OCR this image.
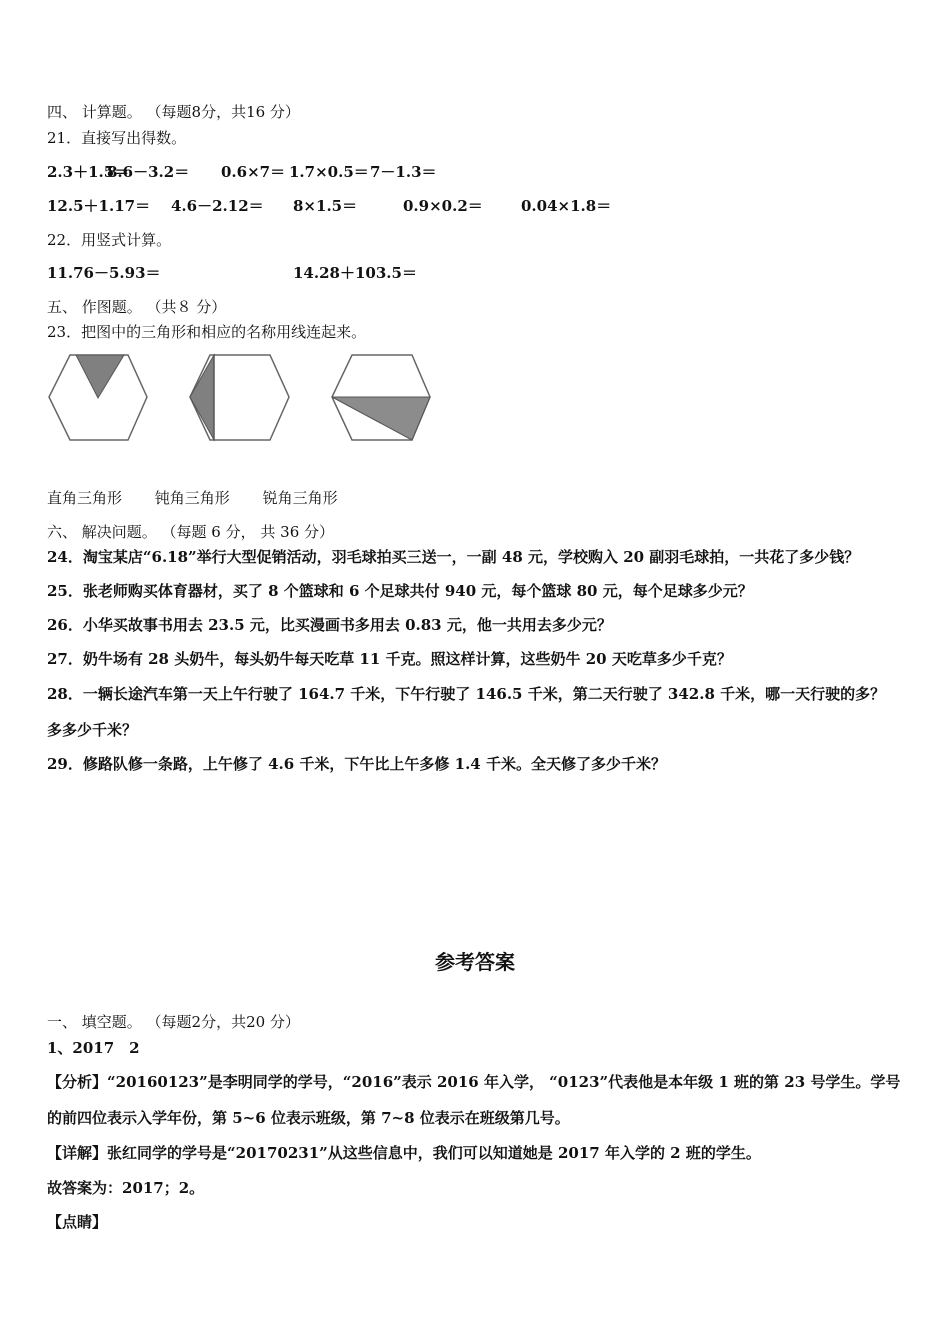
四、 计算题。 （每题8分，共16 分）
21．直接写出得数。
2.3＋1.5＝
8.6－3.2＝ 0.6×7＝ 1.7×0.5＝ 7－1.3＝
12.5＋1.17＝ 4.6－2.12＝ 8×1.5＝	0.9×0.2＝	0.04×1.8＝
22．用竖式计算。
11.76－5.93＝	14.28＋103.5＝
五、 作图题。 （共８ 分）
23．把图中的三角形和相应的名称用线连起来。
直角三角形 钝角三角形 锐角三角形
六、 解决问题。 （每题 6 分， 共 36 分）
24．淘宝某店“6.18”举行大型促销活动，羽毛球拍买三送一，一副 48 元，学校购入 20 副羽毛球拍，一共花了多少钱？
25．张老师购买体育器材，买了 8 个篮球和 6 个足球共付 940 元，每个篮球 80 元，每个足球多少元？
26．小华买故事书用去 23.5 元，比买漫画书多用去 0.83 元，他一共用去多少元？
27．奶牛场有 28 头奶牛，每头奶牛每天吃草 11 千克。照这样计算，这些奶牛 20 天吃草多少千克？
28．一辆长途汽车第一天上午行驶了 164.7 千米，下午行驶了 146.5 千米，第二天行驶了 342.8 千米，哪一天行驶的多？
多多少千米？
29．修路队修一条路，上午修了 4.6 千米，下午比上午多修 1.4 千米。全天修了多少千米？
参考答案
一、 填空题。 （每题2分，共20 分）
1、2017　2
【分析】“20160123”是李明同学的学号，“2016”表示 2016 年入学， “0123”代表他是本年级 1 班的第 23 号学生。学号
的前四位表示入学年份，第 5~6 位表示班级，第 7~8 位表示在班级第几号。
【详解】张红同学的学号是“20170231”从这些信息中，我们可以知道她是 2017 年入学的 2 班的学生。
故答案为：2017；2。
【点睛】
